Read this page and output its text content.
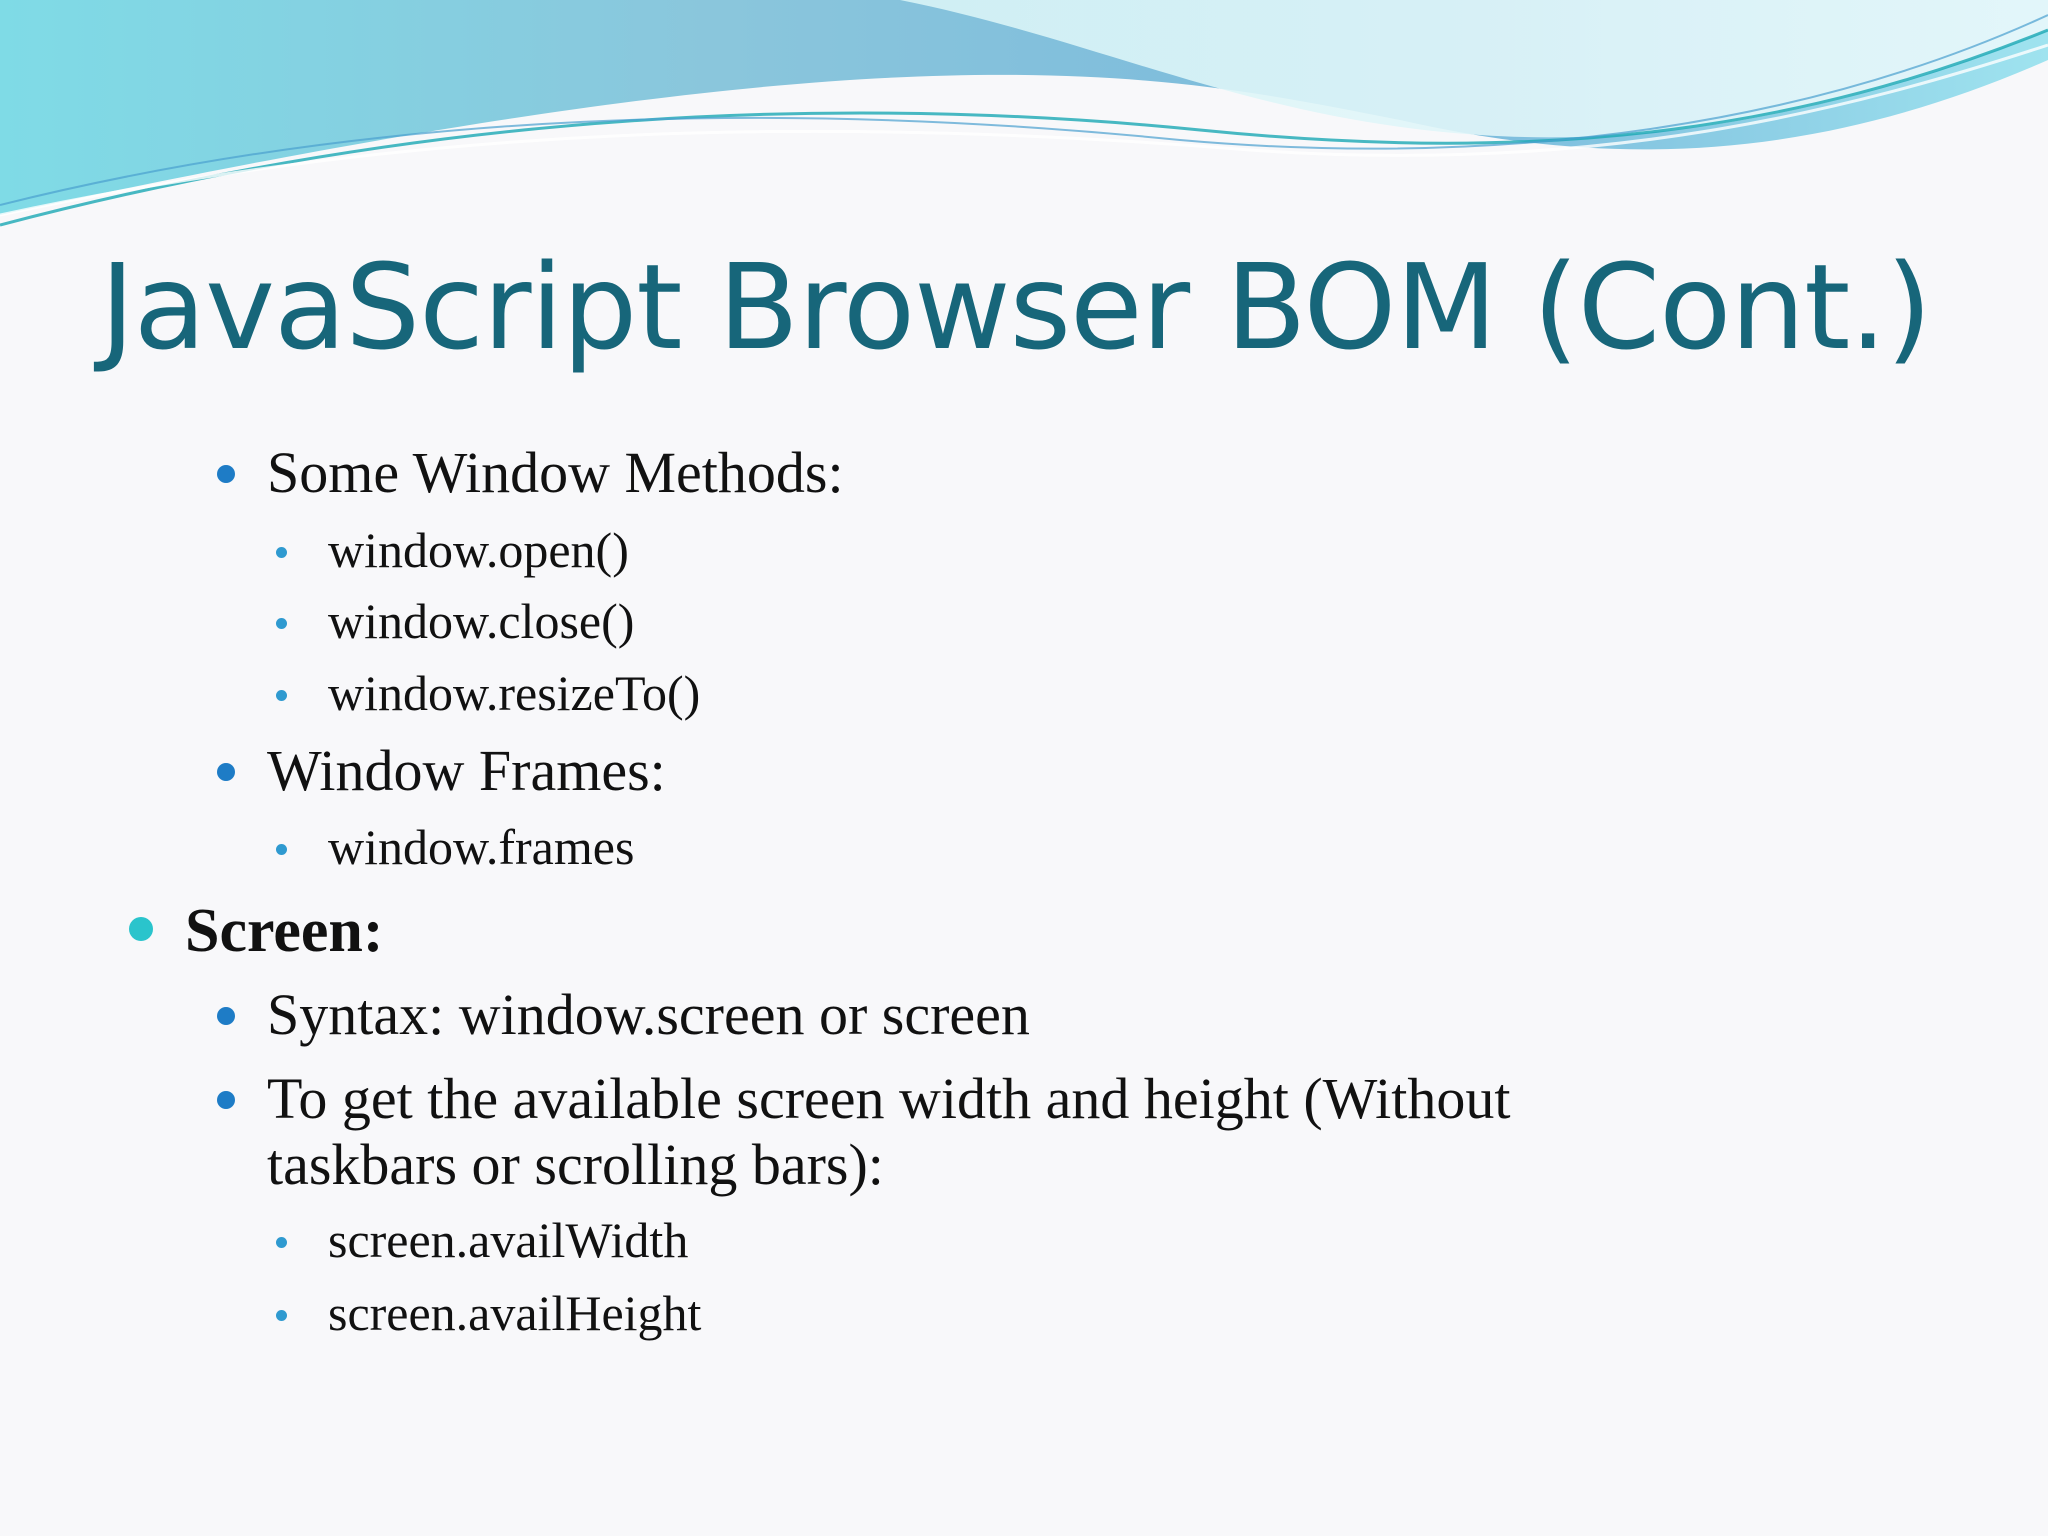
JavaScript Browser BOM (Cont.)

Some Window Methods:

window.open()

window.close()

window.resizeTo()

Window Frames:

window.frames

Screen:

Syntax: window.screen or screen

To get the available screen width and height (Without

taskbars or scrolling bars):

screen.availWidth

screen.availHeight
